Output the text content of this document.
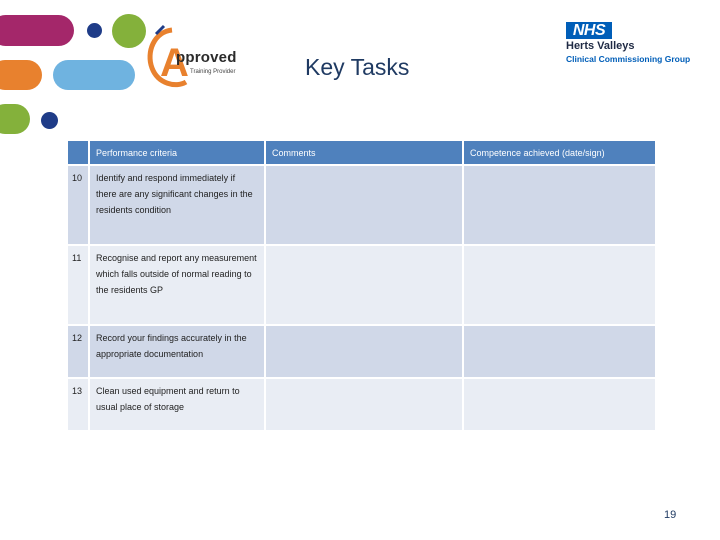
A
pproved
Training Provider	Key Tasks
NHS
Herts Valleys
Clinical Commissioning Group
	Performance criteria	Comments	Competence achieved (date/sign)
10	Identify and respond immediately if there are any significant changes in the residents condition		
11	Recognise and report any measurement which falls outside of normal reading to the residents GP		
12	Record your findings accurately in the appropriate documentation		
13	Clean used equipment and return to usual place of storage		
19
